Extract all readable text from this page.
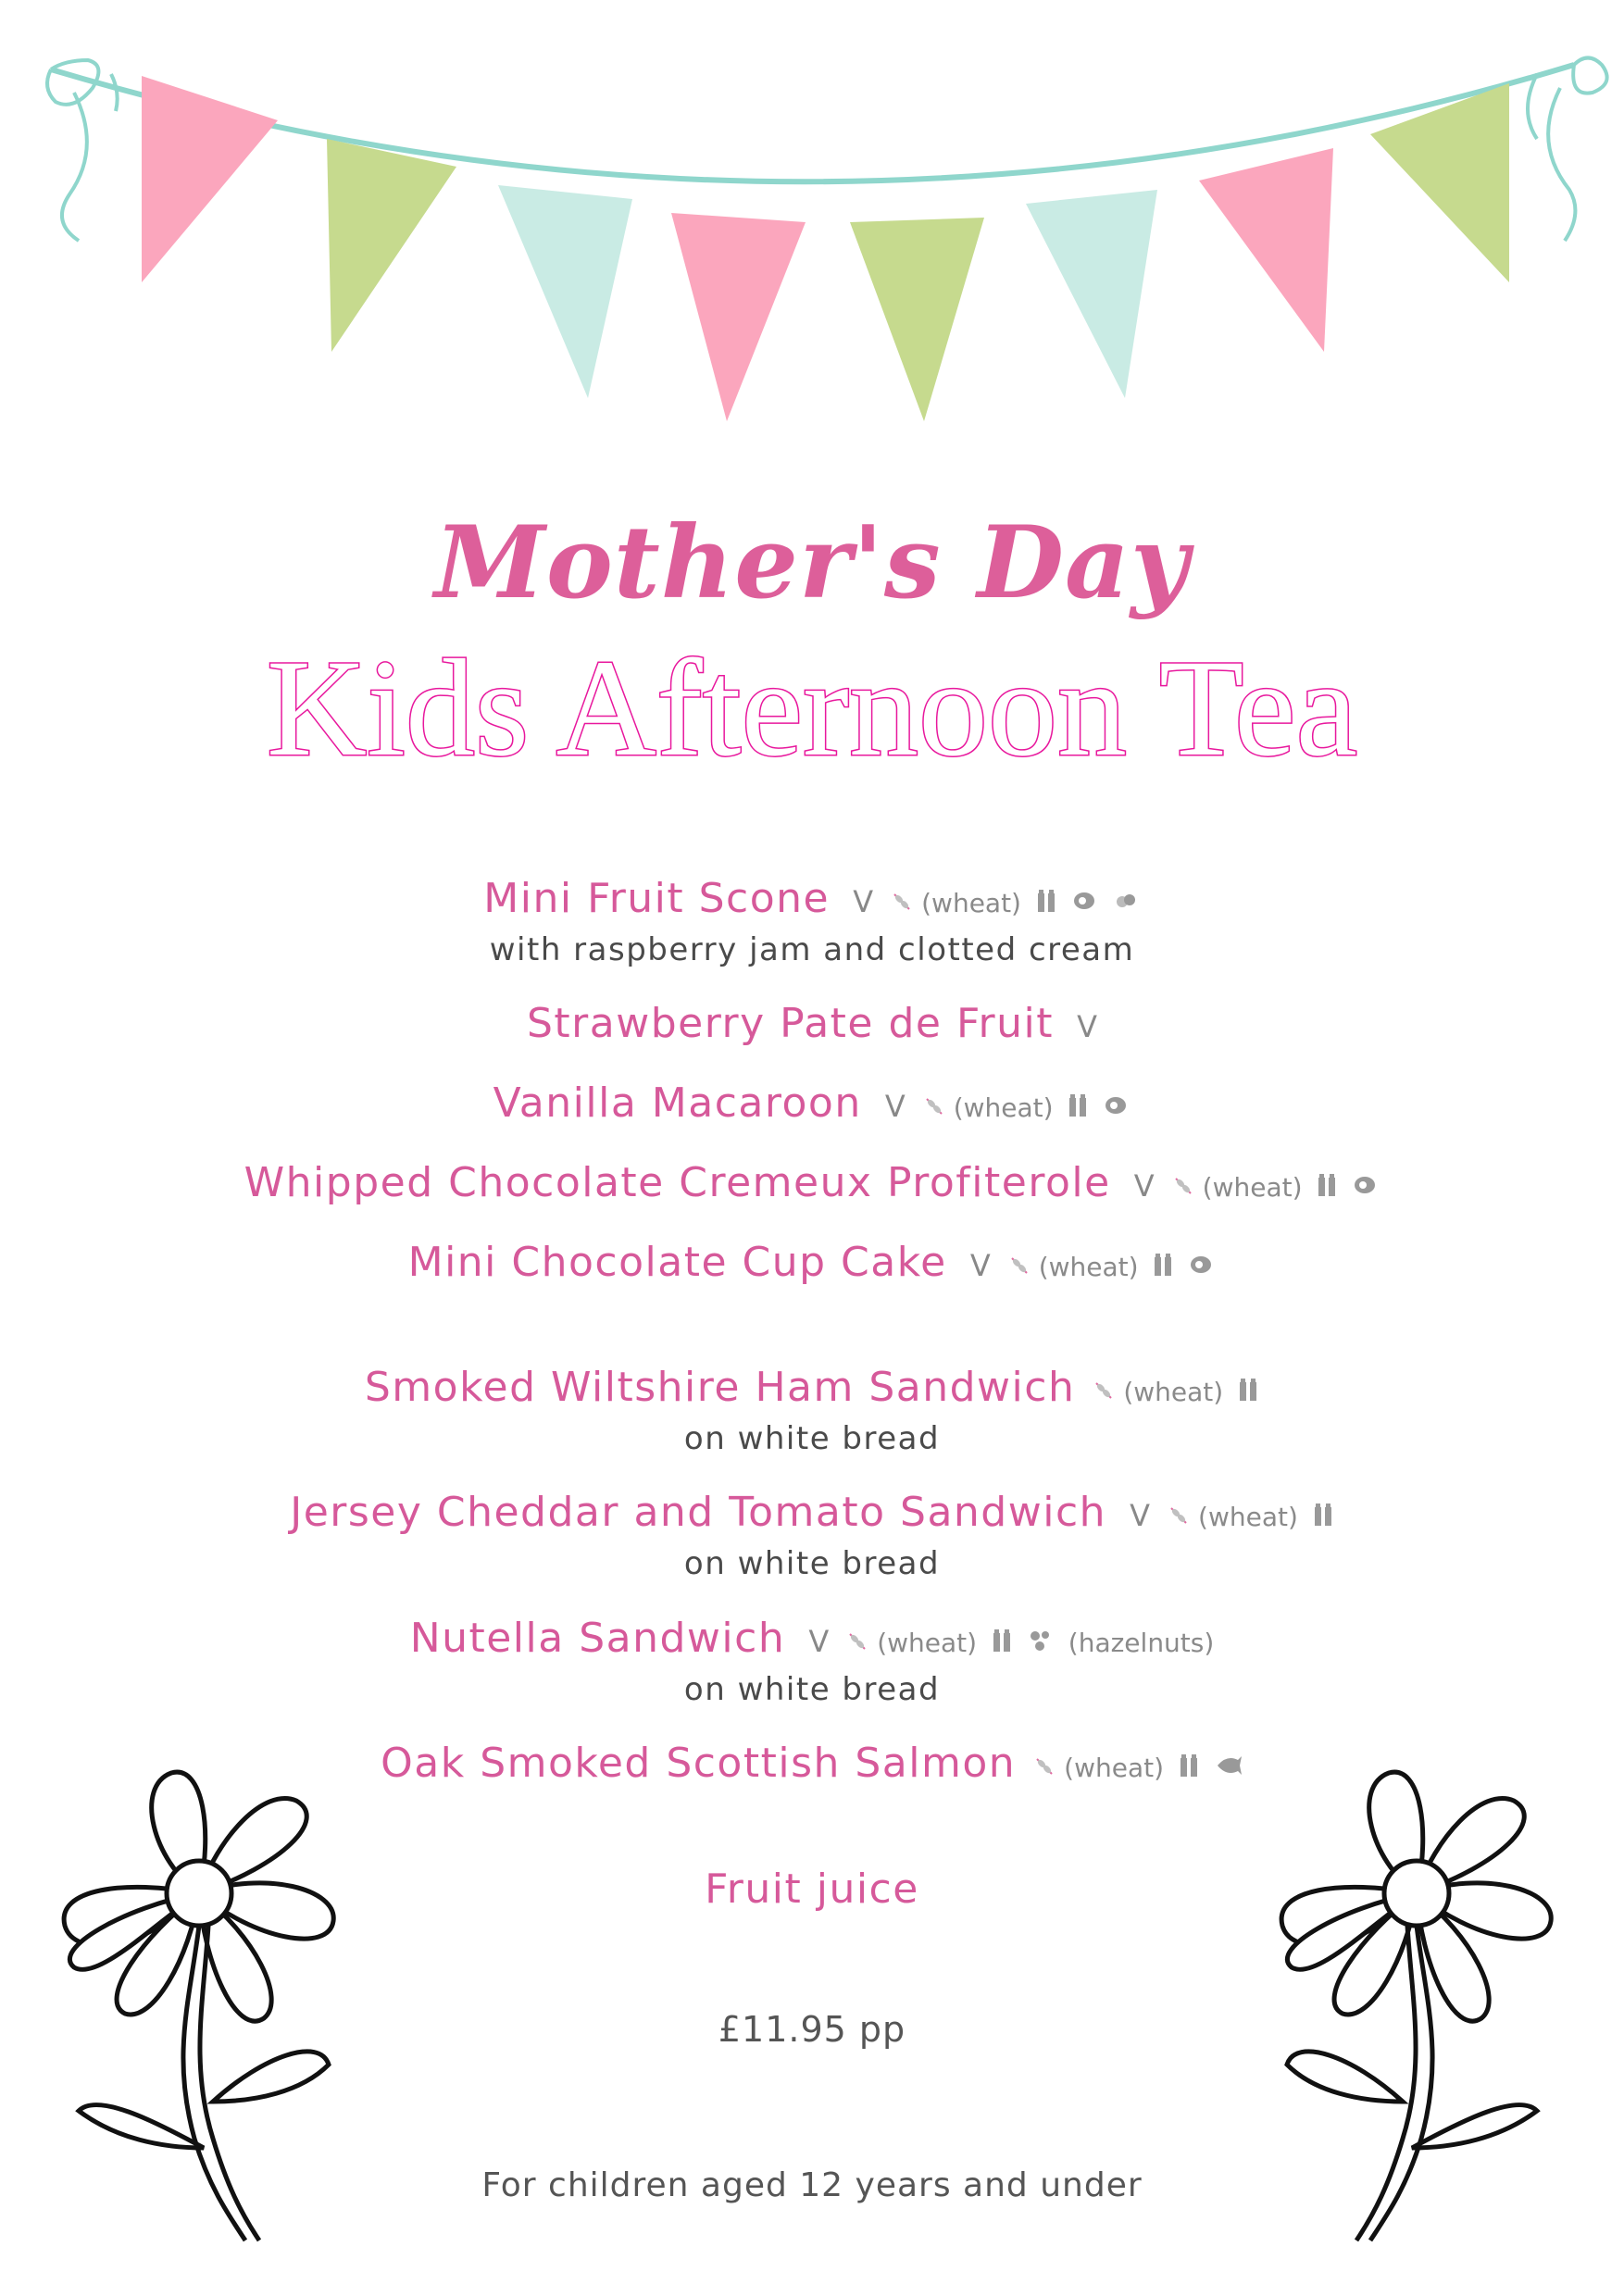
Mother's Day
Kids Afternoon Tea
Mini Fruit Scone V (wheat)
with raspberry jam and clotted cream
Strawberry Pate de Fruit V
Vanilla Macaroon V (wheat)
Whipped Chocolate Cremeux Profiterole V (wheat)
Mini Chocolate Cup Cake V (wheat)
Smoked Wiltshire Ham Sandwich (wheat)
on white bread
Jersey Cheddar and Tomato Sandwich V (wheat)
on white bread
Nutella Sandwich V (wheat)	(hazelnuts)
on white bread
Oak Smoked Scottish Salmon (wheat)
Fruit juice
£11.95 pp
For children aged 12 years and under
